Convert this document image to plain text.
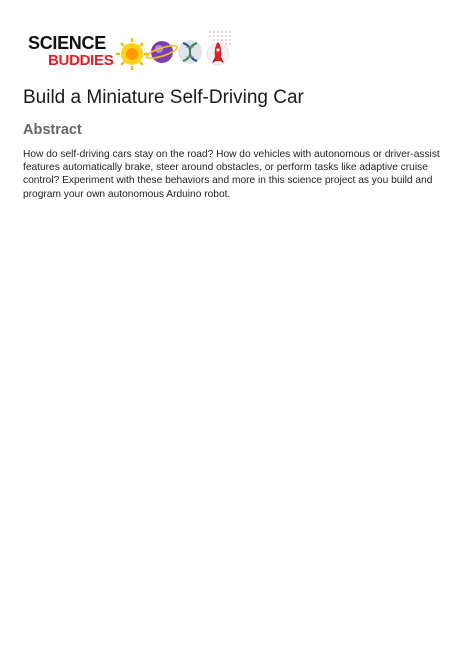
SCIENCE
BUDDIES
Build a Miniature Self-Driving Car
Abstract

How do self-driving cars stay on the road? How do vehicles with autonomous or driver-assist features automatically brake, steer around obstacles, or perform tasks like adaptive cruise control? Experiment with these behaviors and more in this science project as you build and program your own autonomous Arduino robot.
